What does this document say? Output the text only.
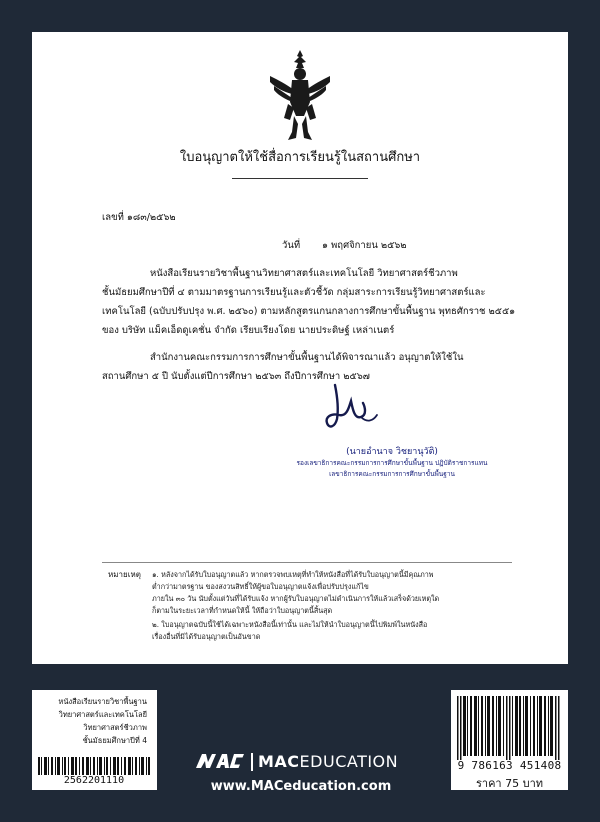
ใบอนุญาตให้ใช้สื่อการเรียนรู้ในสถานศึกษา
เลขที่ ๑๘๓/๒๕๖๒
วันที่ ๑ พฤศจิกายน ๒๕๖๒
หนังสือเรียนรายวิชาพื้นฐานวิทยาศาสตร์และเทคโนโลยี วิทยาศาสตร์ชีวภาพ
ชั้นมัธยมศึกษาปีที่ ๔ ตามมาตรฐานการเรียนรู้และตัวชี้วัด กลุ่มสาระการเรียนรู้วิทยาศาสตร์และ
เทคโนโลยี (ฉบับปรับปรุง พ.ศ. ๒๕๖๐) ตามหลักสูตรแกนกลางการศึกษาขั้นพื้นฐาน พุทธศักราช ๒๕๕๑
ของ บริษัท แม็คเอ็ดดูเคชั่น จำกัด เรียบเรียงโดย นายประดิษฐ์ เหล่าเนตร์
สำนักงานคณะกรรมการการศึกษาขั้นพื้นฐานได้พิจารณาแล้ว อนุญาตให้ใช้ใน
สถานศึกษา ๕ ปี นับตั้งแต่ปีการศึกษา ๒๕๖๓ ถึงปีการศึกษา ๒๕๖๗
(นายอำนาจ วิชยานุวัติ)
รองเลขาธิการคณะกรรมการการศึกษาขั้นพื้นฐาน ปฏิบัติราชการแทน
เลขาธิการคณะกรรมการการศึกษาขั้นพื้นฐาน
หมายเหตุ ๑. หลังจากได้รับใบอนุญาตแล้ว หากตรวจพบเหตุที่ทำให้หนังสือที่ได้รับใบอนุญาตนี้มีคุณภาพ
ต่ำกว่ามาตรฐาน ของสงวนสิทธิ์ให้ผู้ขอใบอนุญาตแจ้งเพื่อปรับปรุงแก้ไข
ภายใน ๓๐ วัน นับตั้งแต่วันที่ได้รับแจ้ง หากผู้รับใบอนุญาตไม่ดำเนินการให้แล้วเสร็จด้วยเหตุใด
ก็ตามในระยะเวลาที่กำหนดให้นี้ ให้ถือว่าใบอนุญาตนี้สิ้นสุด
๒. ใบอนุญาตฉบับนี้ใช้ได้เฉพาะหนังสือนี้เท่านั้น และไม่ให้นำใบอนุญาตนี้ไปพิมพ์ในหนังสือ
เรื่องอื่นที่มิได้รับอนุญาตเป็นอันขาด
หนังสือเรียนรายวิชาพื้นฐาน
วิทยาศาสตร์และเทคโนโลยี
วิทยาศาสตร์ชีวภาพ
ชั้นมัธยมศึกษาปีที่ 4
2562201110
MACEDUCATION
www.MACeducation.com
9 786163 451408
ราคา 75 บาท
